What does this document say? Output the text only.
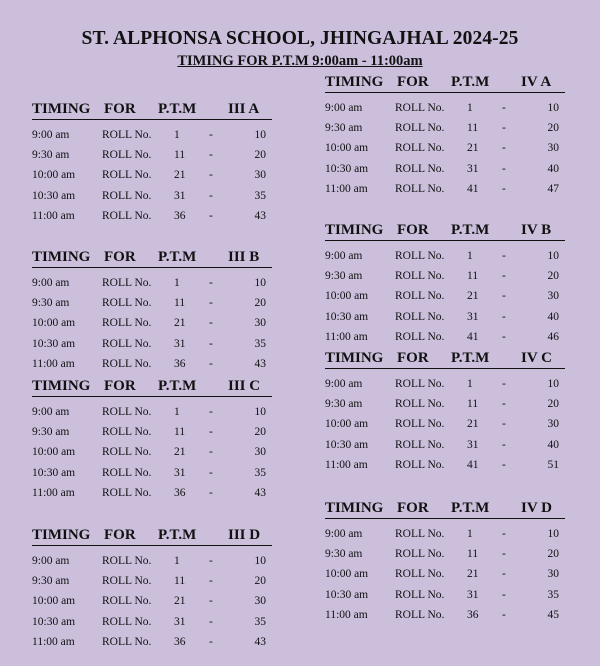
ST. ALPHONSA SCHOOL, JHINGAJHAL 2024-25
TIMING FOR P.T.M 9:00am - 11:00am
TIMING FOR P.T.M III A
9:00 am	ROLL No. 1	-	10
9:30 am	ROLL No. 11 -	20
10:00 am ROLL No. 21 -	30
10:30 am ROLL No. 31 -	35
11:00 am ROLL No. 36 -	43
TIMING FOR P.T.M III B
9:00 am	ROLL No. 1	-	10
9:30 am	ROLL No. 11 -	20
10:00 am ROLL No. 21 -	30
10:30 am ROLL No. 31 -	35
11:00 am ROLL No. 36 -	43
TIMING FOR P.T.M III C
9:00 am	ROLL No. 1	-	10
9:30 am	ROLL No. 11 -	20
10:00 am ROLL No. 21 -	30
10:30 am ROLL No. 31 -	35
11:00 am ROLL No. 36 -	43
TIMING FOR P.T.M III D
9:00 am	ROLL No. 1	-	10
9:30 am	ROLL No. 11 -	20
10:00 am ROLL No. 21 -	30
10:30 am ROLL No. 31 -	35
11:00 am ROLL No. 36 -	43
TIMING FOR P.T.M IV A
9:00 am	ROLL No. 1	-	10
9:30 am	ROLL No. 11 -	20
10:00 am ROLL No. 21 -	30
10:30 am ROLL No. 31 -	40
11:00 am ROLL No. 41 -	47
TIMING FOR P.T.M IV B
9:00 am	ROLL No. 1	-	10
9:30 am	ROLL No. 11 -	20
10:00 am ROLL No. 21 -	30
10:30 am ROLL No. 31 -	40
11:00 am ROLL No. 41 -	46
TIMING FOR P.T.M IV C
9:00 am	ROLL No. 1	-	10
9:30 am	ROLL No. 11 -	20
10:00 am ROLL No. 21 -	30
10:30 am ROLL No. 31 -	40
11:00 am ROLL No. 41 -	51
TIMING FOR P.T.M IV D
9:00 am	ROLL No. 1	-	10
9:30 am	ROLL No. 11 -	20
10:00 am ROLL No. 21 -	30
10:30 am ROLL No. 31 -	35
11:00 am ROLL No. 36 -	45
